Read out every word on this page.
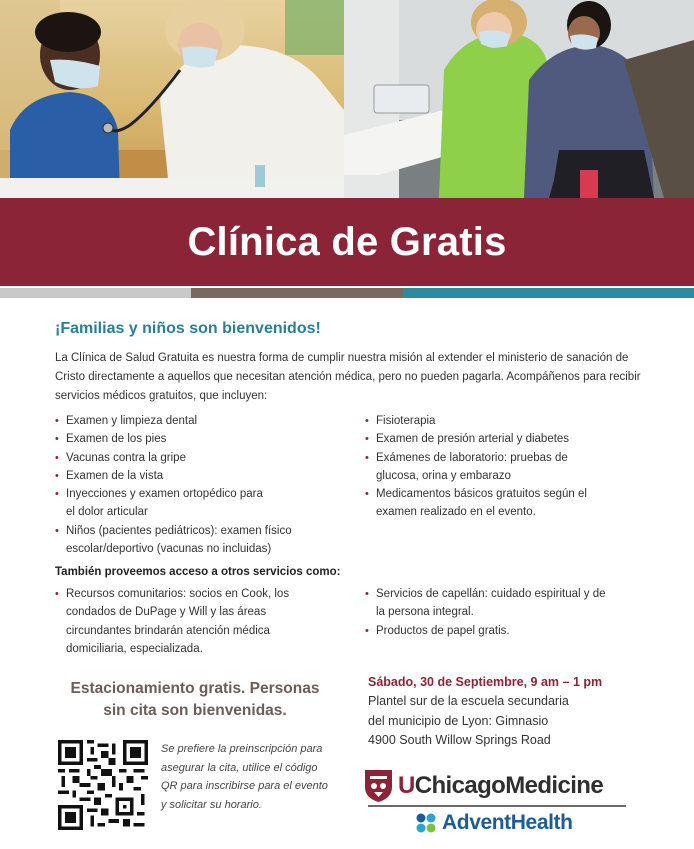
Clínica de Gratis
¡Familias y niños son bienvenidos!

La Clínica de Salud Gratuita es nuestra forma de cumplir nuestra misión al extender el ministerio de sanación de Cristo directamente a aquellos que necesitan atención médica, pero no pueden pagarla. Acompáñenos para recibir servicios médicos gratuitos, que incluyen:

• Examen y limpieza dental
• Examen de los pies
• Vacunas contra la gripe
• Examen de la vista
• Inyecciones y examen ortopédico para el dolor articular
• Niños (pacientes pediátricos): examen físico escolar/deportivo (vacunas no incluidas)
• Fisioterapia
• Examen de presión arterial y diabetes
• Exámenes de laboratorio: pruebas de glucosa, orina y embarazo
• Medicamentos básicos gratuitos según el examen realizado en el evento.
También proveemos acceso a otros servicios como:
• Recursos comunitarios: socios en Cook, los condados de DuPage y Will y las áreas circundantes brindarán atención médica domiciliaria, especializada.
• Servicios de capellán: cuidado espiritual y de la persona integral.
• Productos de papel gratis.
Estacionamiento gratis. Personas
sin cita son bienvenidas.

Se prefiere la preinscripción para asegurar la cita, utilice el código QR para inscribirse para el evento y solicitar su horario.

Sábado, 30 de Septiembre, 9 am – 1 pm
Plantel sur de la escuela secundaria
del municipio de Lyon: Gimnasio
4900 South Willow Springs Road
UChicagoMedicine
AdventHealth
